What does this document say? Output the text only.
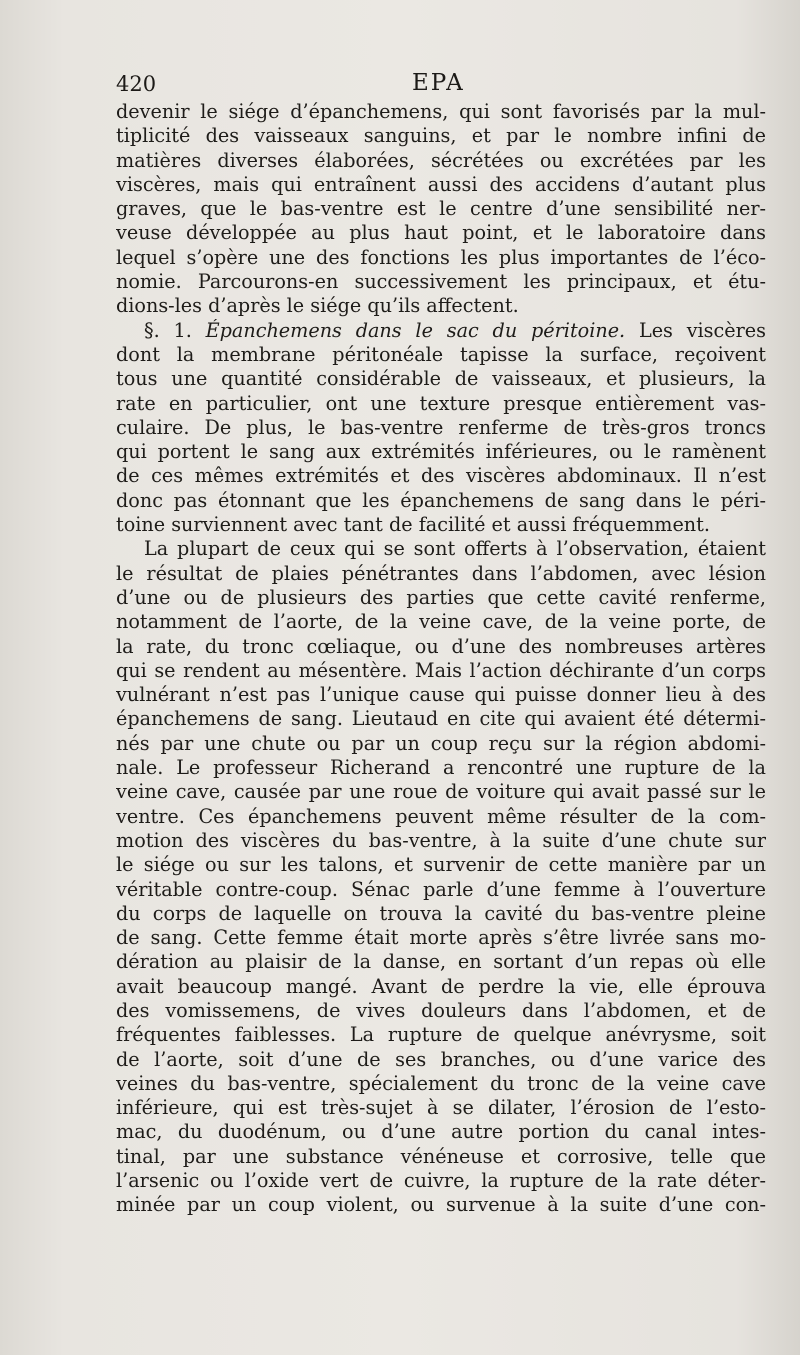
420	EPA
devenir le siége d’épanchemens, qui sont favorisés par la mul-
tiplicité des vaisseaux sanguins, et par le nombre infini de
matières diverses élaborées, sécrétées ou excrétées par les
viscères, mais qui entraînent aussi des accidens d’autant plus
graves, que le bas-ventre est le centre d’une sensibilité ner-
veuse développée au plus haut point, et le laboratoire dans
lequel s’opère une des fonctions les plus importantes de l’éco-
nomie. Parcourons-en successivement les principaux, et étu-
dions-les d’après le siége qu’ils affectent.
§. 1. Épanchemens dans le sac du péritoine. Les viscères
dont la membrane péritonéale tapisse la surface, reçoivent
tous une quantité considérable de vaisseaux, et plusieurs, la
rate en particulier, ont une texture presque entièrement vas-
culaire. De plus, le bas-ventre renferme de très-gros troncs
qui portent le sang aux extrémités inférieures, ou le ramènent
de ces mêmes extrémités et des viscères abdominaux. Il n’est
donc pas étonnant que les épanchemens de sang dans le péri-
toine surviennent avec tant de facilité et aussi fréquemment.
La plupart de ceux qui se sont offerts à l’observation, étaient
le résultat de plaies pénétrantes dans l’abdomen, avec lésion
d’une ou de plusieurs des parties que cette cavité renferme,
notamment de l’aorte, de la veine cave, de la veine porte, de
la rate, du tronc cœliaque, ou d’une des nombreuses artères
qui se rendent au mésentère. Mais l’action déchirante d’un corps
vulnérant n’est pas l’unique cause qui puisse donner lieu à des
épanchemens de sang. Lieutaud en cite qui avaient été détermi-
nés par une chute ou par un coup reçu sur la région abdomi-
nale. Le professeur Richerand a rencontré une rupture de la
veine cave, causée par une roue de voiture qui avait passé sur le
ventre. Ces épanchemens peuvent même résulter de la com-
motion des viscères du bas-ventre, à la suite d’une chute sur
le siége ou sur les talons, et survenir de cette manière par un
véritable contre-coup. Sénac parle d’une femme à l’ouverture
du corps de laquelle on trouva la cavité du bas-ventre pleine
de sang. Cette femme était morte après s’être livrée sans mo-
dération au plaisir de la danse, en sortant d’un repas où elle
avait beaucoup mangé. Avant de perdre la vie, elle éprouva
des vomissemens, de vives douleurs dans l’abdomen, et de
fréquentes faiblesses. La rupture de quelque anévrysme, soit
de l’aorte, soit d’une de ses branches, ou d’une varice des
veines du bas-ventre, spécialement du tronc de la veine cave
inférieure, qui est très-sujet à se dilater, l’érosion de l’esto-
mac, du duodénum, ou d’une autre portion du canal intes-
tinal, par une substance vénéneuse et corrosive, telle que
l’arsenic ou l’oxide vert de cuivre, la rupture de la rate déter-
minée par un coup violent, ou survenue à la suite d’une con-
